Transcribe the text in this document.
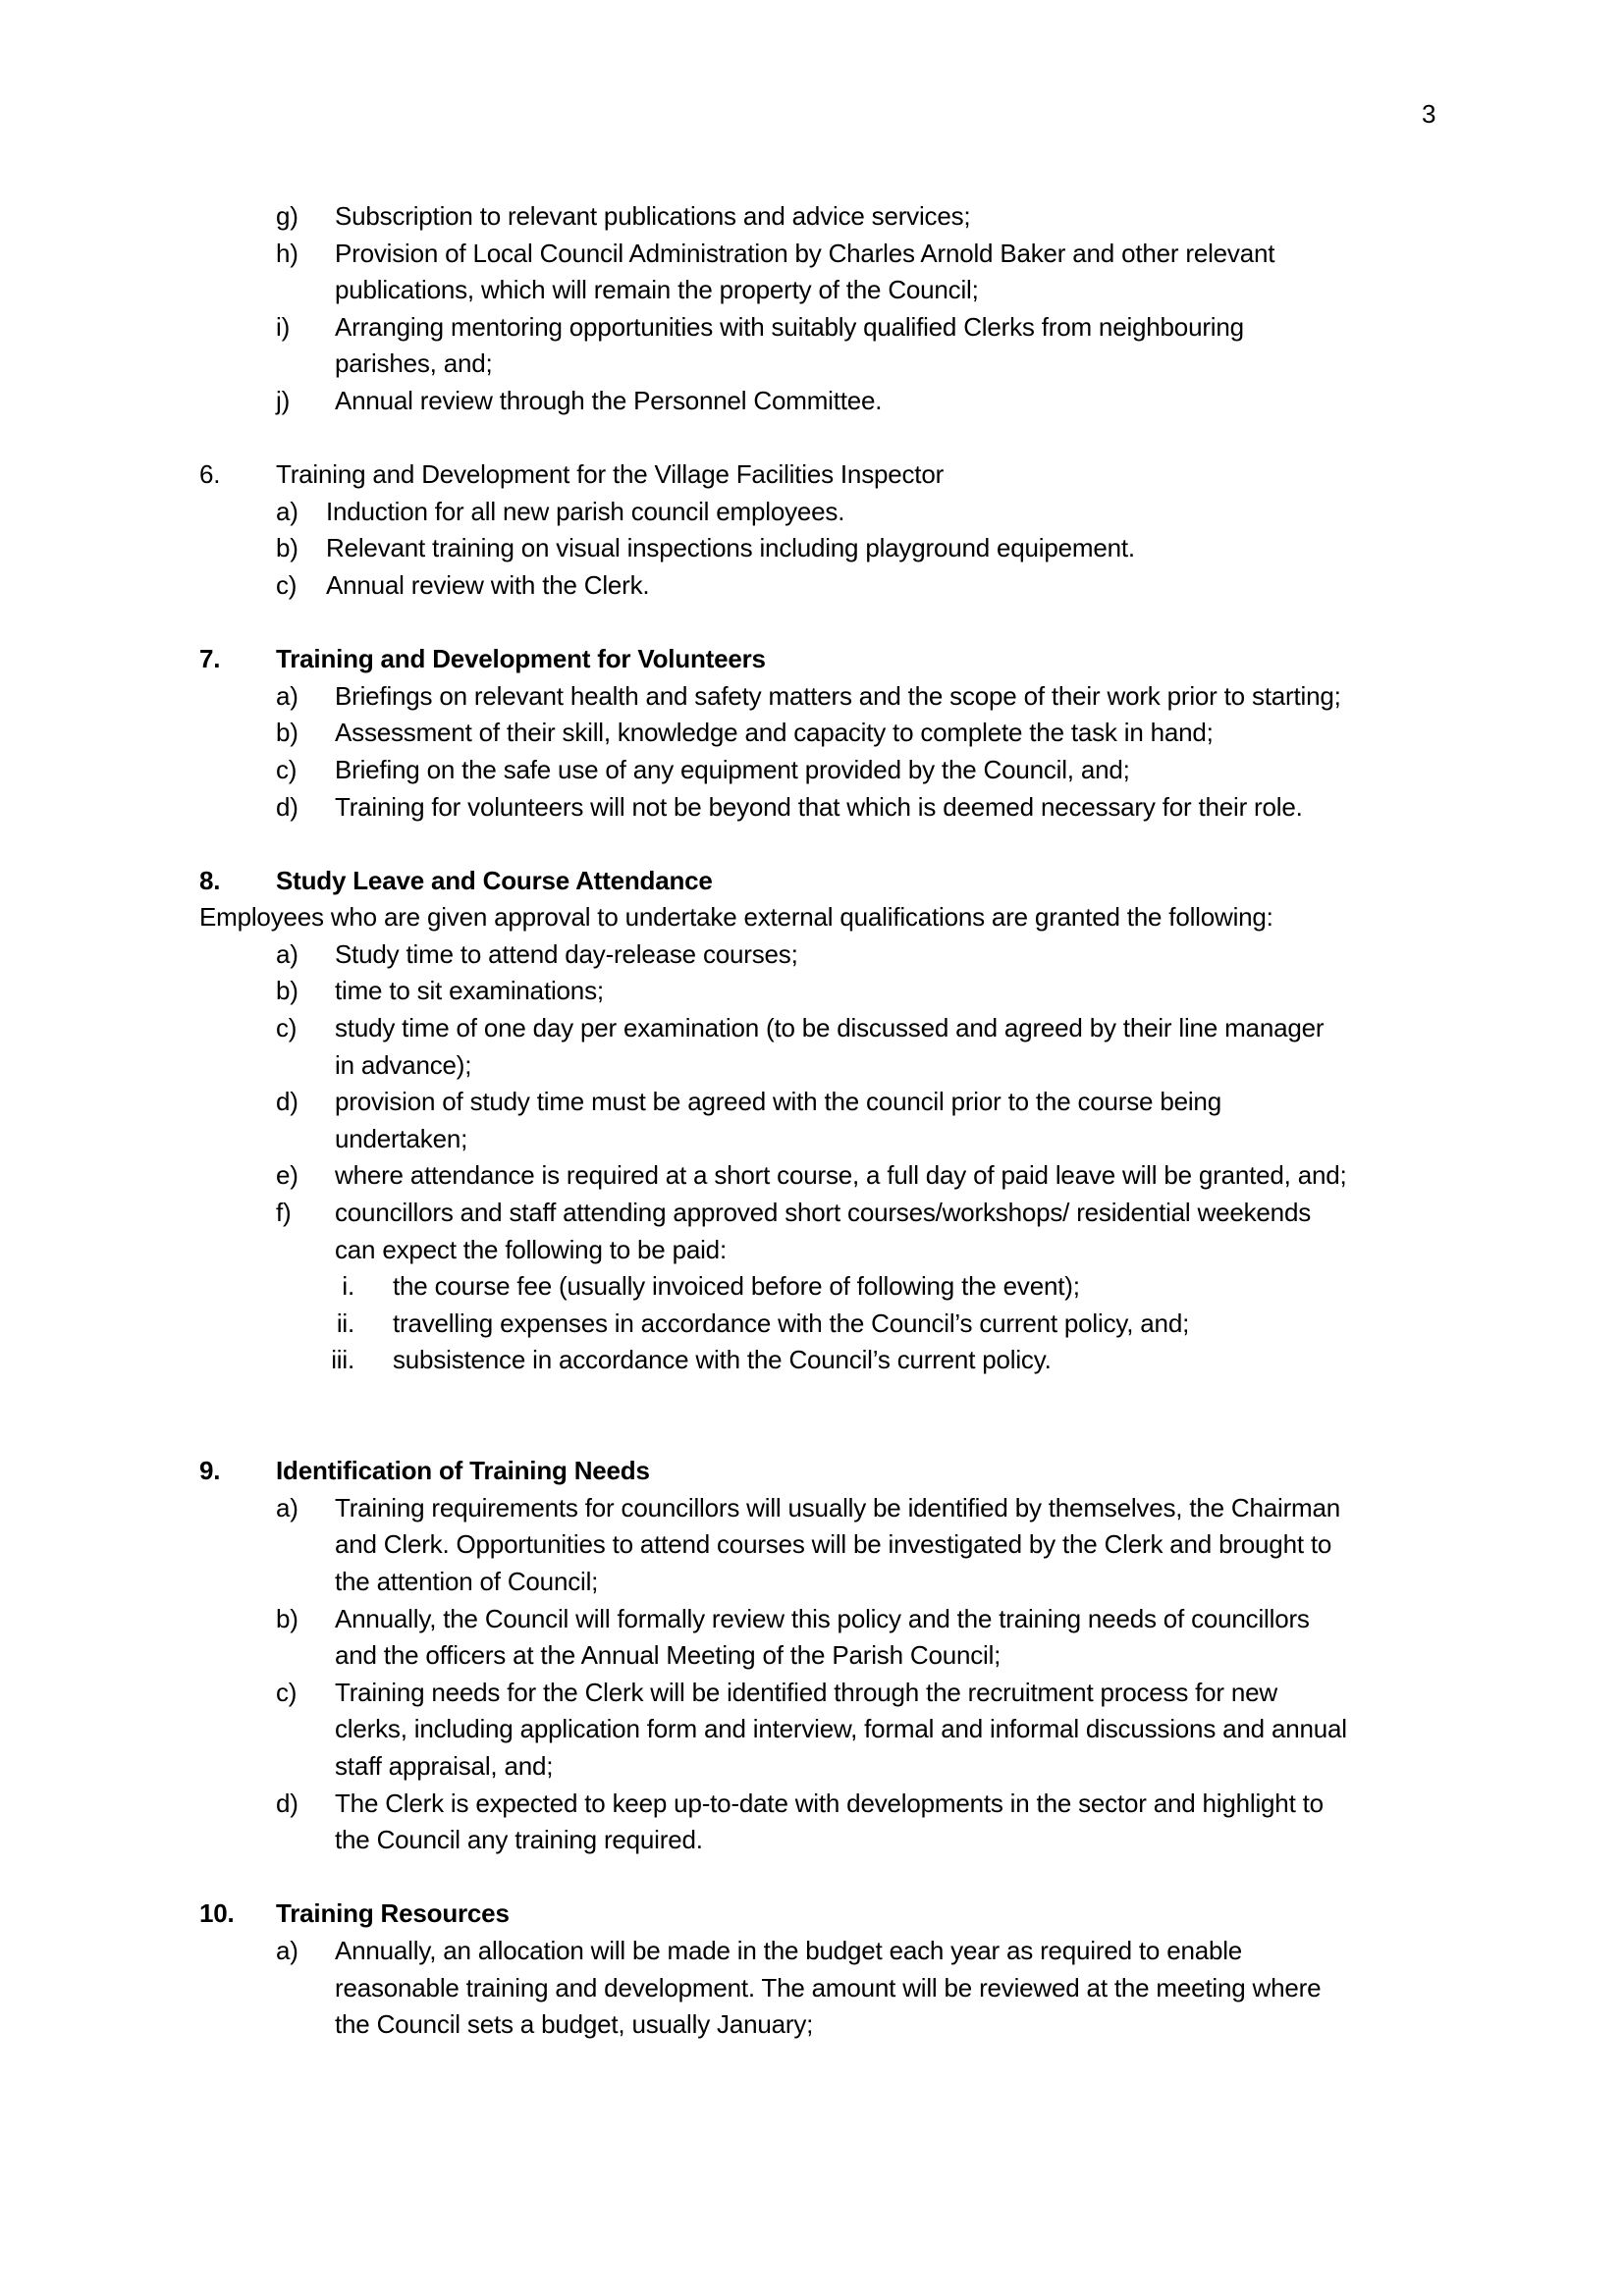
3
g) Subscription to relevant publications and advice services;
h) Provision of Local Council Administration by Charles Arnold Baker and other relevant
publications, which will remain the property of the Council;
i) Arranging mentoring opportunities with suitably qualified Clerks from neighbouring
parishes, and;
j) Annual review through the Personnel Committee.
6. Training and Development for the Village Facilities Inspector
a) Induction for all new parish council employees.
b) Relevant training on visual inspections including playground equipement.
c) Annual review with the Clerk.
7. Training and Development for Volunteers
a) Briefings on relevant health and safety matters and the scope of their work prior to starting;
b) Assessment of their skill, knowledge and capacity to complete the task in hand;
c) Briefing on the safe use of any equipment provided by the Council, and;
d) Training for volunteers will not be beyond that which is deemed necessary for their role.
8. Study Leave and Course Attendance
Employees who are given approval to undertake external qualifications are granted the following:
a) Study time to attend day-release courses;
b) time to sit examinations;
c) study time of one day per examination (to be discussed and agreed by their line manager
in advance);
d) provision of study time must be agreed with the council prior to the course being
undertaken;
e) where attendance is required at a short course, a full day of paid leave will be granted, and;
f) councillors and staff attending approved short courses/workshops/ residential weekends
can expect the following to be paid:
i. the course fee (usually invoiced before of following the event);
ii. travelling expenses in accordance with the Council’s current policy, and;
iii. subsistence in accordance with the Council’s current policy.
9. Identification of Training Needs
a) Training requirements for councillors will usually be identified by themselves, the Chairman
and Clerk. Opportunities to attend courses will be investigated by the Clerk and brought to
the attention of Council;
b) Annually, the Council will formally review this policy and the training needs of councillors
and the officers at the Annual Meeting of the Parish Council;
c) Training needs for the Clerk will be identified through the recruitment process for new
clerks, including application form and interview, formal and informal discussions and annual
staff appraisal, and;
d) The Clerk is expected to keep up-to-date with developments in the sector and highlight to
the Council any training required.
10. Training Resources
a) Annually, an allocation will be made in the budget each year as required to enable
reasonable training and development. The amount will be reviewed at the meeting where
the Council sets a budget, usually January;
